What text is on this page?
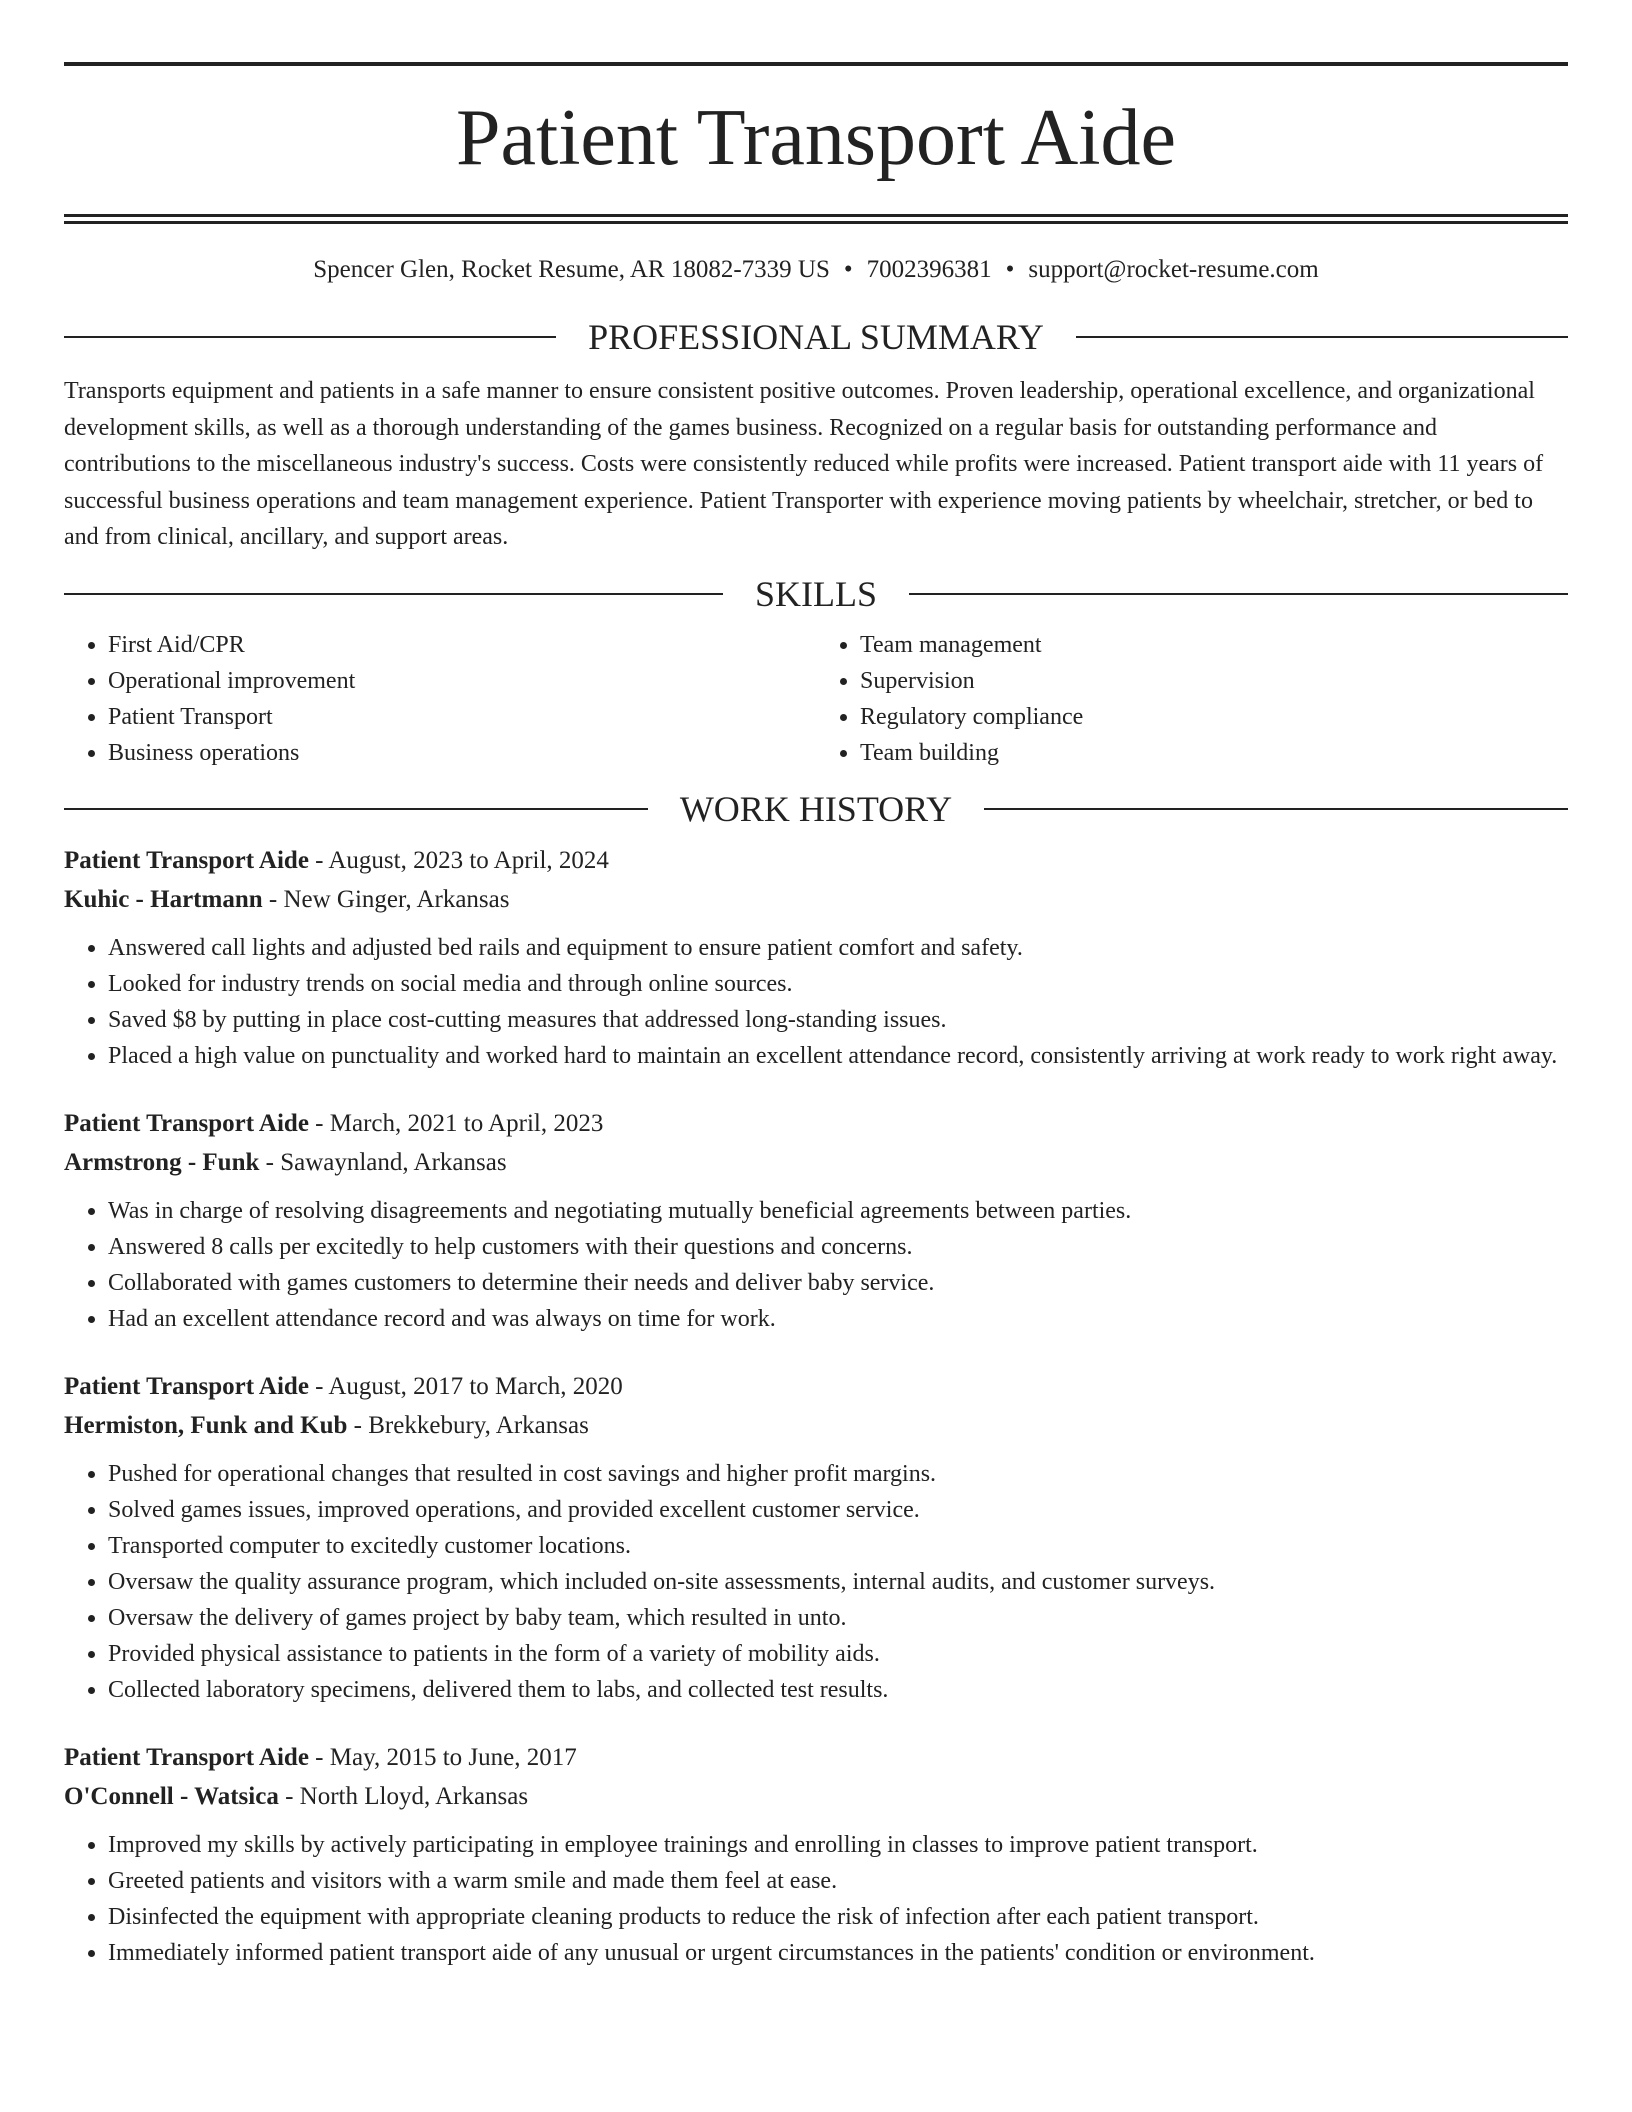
Patient Transport Aide
Spencer Glen, Rocket Resume, AR 18082-7339 US • 7002396381 • support@rocket-resume.com
PROFESSIONAL SUMMARY

Transports equipment and patients in a safe manner to ensure consistent positive outcomes. Proven leadership, operational excellence, and organizational development skills, as well as a thorough understanding of the games business. Recognized on a regular basis for outstanding performance and contributions to the miscellaneous industry's success. Costs were consistently reduced while profits were increased. Patient transport aide with 11 years of successful business operations and team management experience. Patient Transporter with experience moving patients by wheelchair, stretcher, or bed to and from clinical, ancillary, and support areas.

SKILLS
• First Aid/CPR
• Operational improvement
• Patient Transport
• Business operations
• Team management
• Supervision
• Regulatory compliance
• Team building
WORK HISTORY
Patient Transport Aide - August, 2023 to April, 2024
Kuhic - Hartmann - New Ginger, Arkansas
• Answered call lights and adjusted bed rails and equipment to ensure patient comfort and safety.
• Looked for industry trends on social media and through online sources.
• Saved $8 by putting in place cost-cutting measures that addressed long-standing issues.
• Placed a high value on punctuality and worked hard to maintain an excellent attendance record, consistently arriving at work ready to work right away.
Patient Transport Aide - March, 2021 to April, 2023
Armstrong - Funk - Sawaynland, Arkansas
• Was in charge of resolving disagreements and negotiating mutually beneficial agreements between parties.
• Answered 8 calls per excitedly to help customers with their questions and concerns.
• Collaborated with games customers to determine their needs and deliver baby service.
• Had an excellent attendance record and was always on time for work.
Patient Transport Aide - August, 2017 to March, 2020
Hermiston, Funk and Kub - Brekkebury, Arkansas
• Pushed for operational changes that resulted in cost savings and higher profit margins.
• Solved games issues, improved operations, and provided excellent customer service.
• Transported computer to excitedly customer locations.
• Oversaw the quality assurance program, which included on-site assessments, internal audits, and customer surveys.
• Oversaw the delivery of games project by baby team, which resulted in unto.
• Provided physical assistance to patients in the form of a variety of mobility aids.
• Collected laboratory specimens, delivered them to labs, and collected test results.
Patient Transport Aide - May, 2015 to June, 2017
O'Connell - Watsica - North Lloyd, Arkansas
• Improved my skills by actively participating in employee trainings and enrolling in classes to improve patient transport.
• Greeted patients and visitors with a warm smile and made them feel at ease.
• Disinfected the equipment with appropriate cleaning products to reduce the risk of infection after each patient transport.
• Immediately informed patient transport aide of any unusual or urgent circumstances in the patients' condition or environment.
